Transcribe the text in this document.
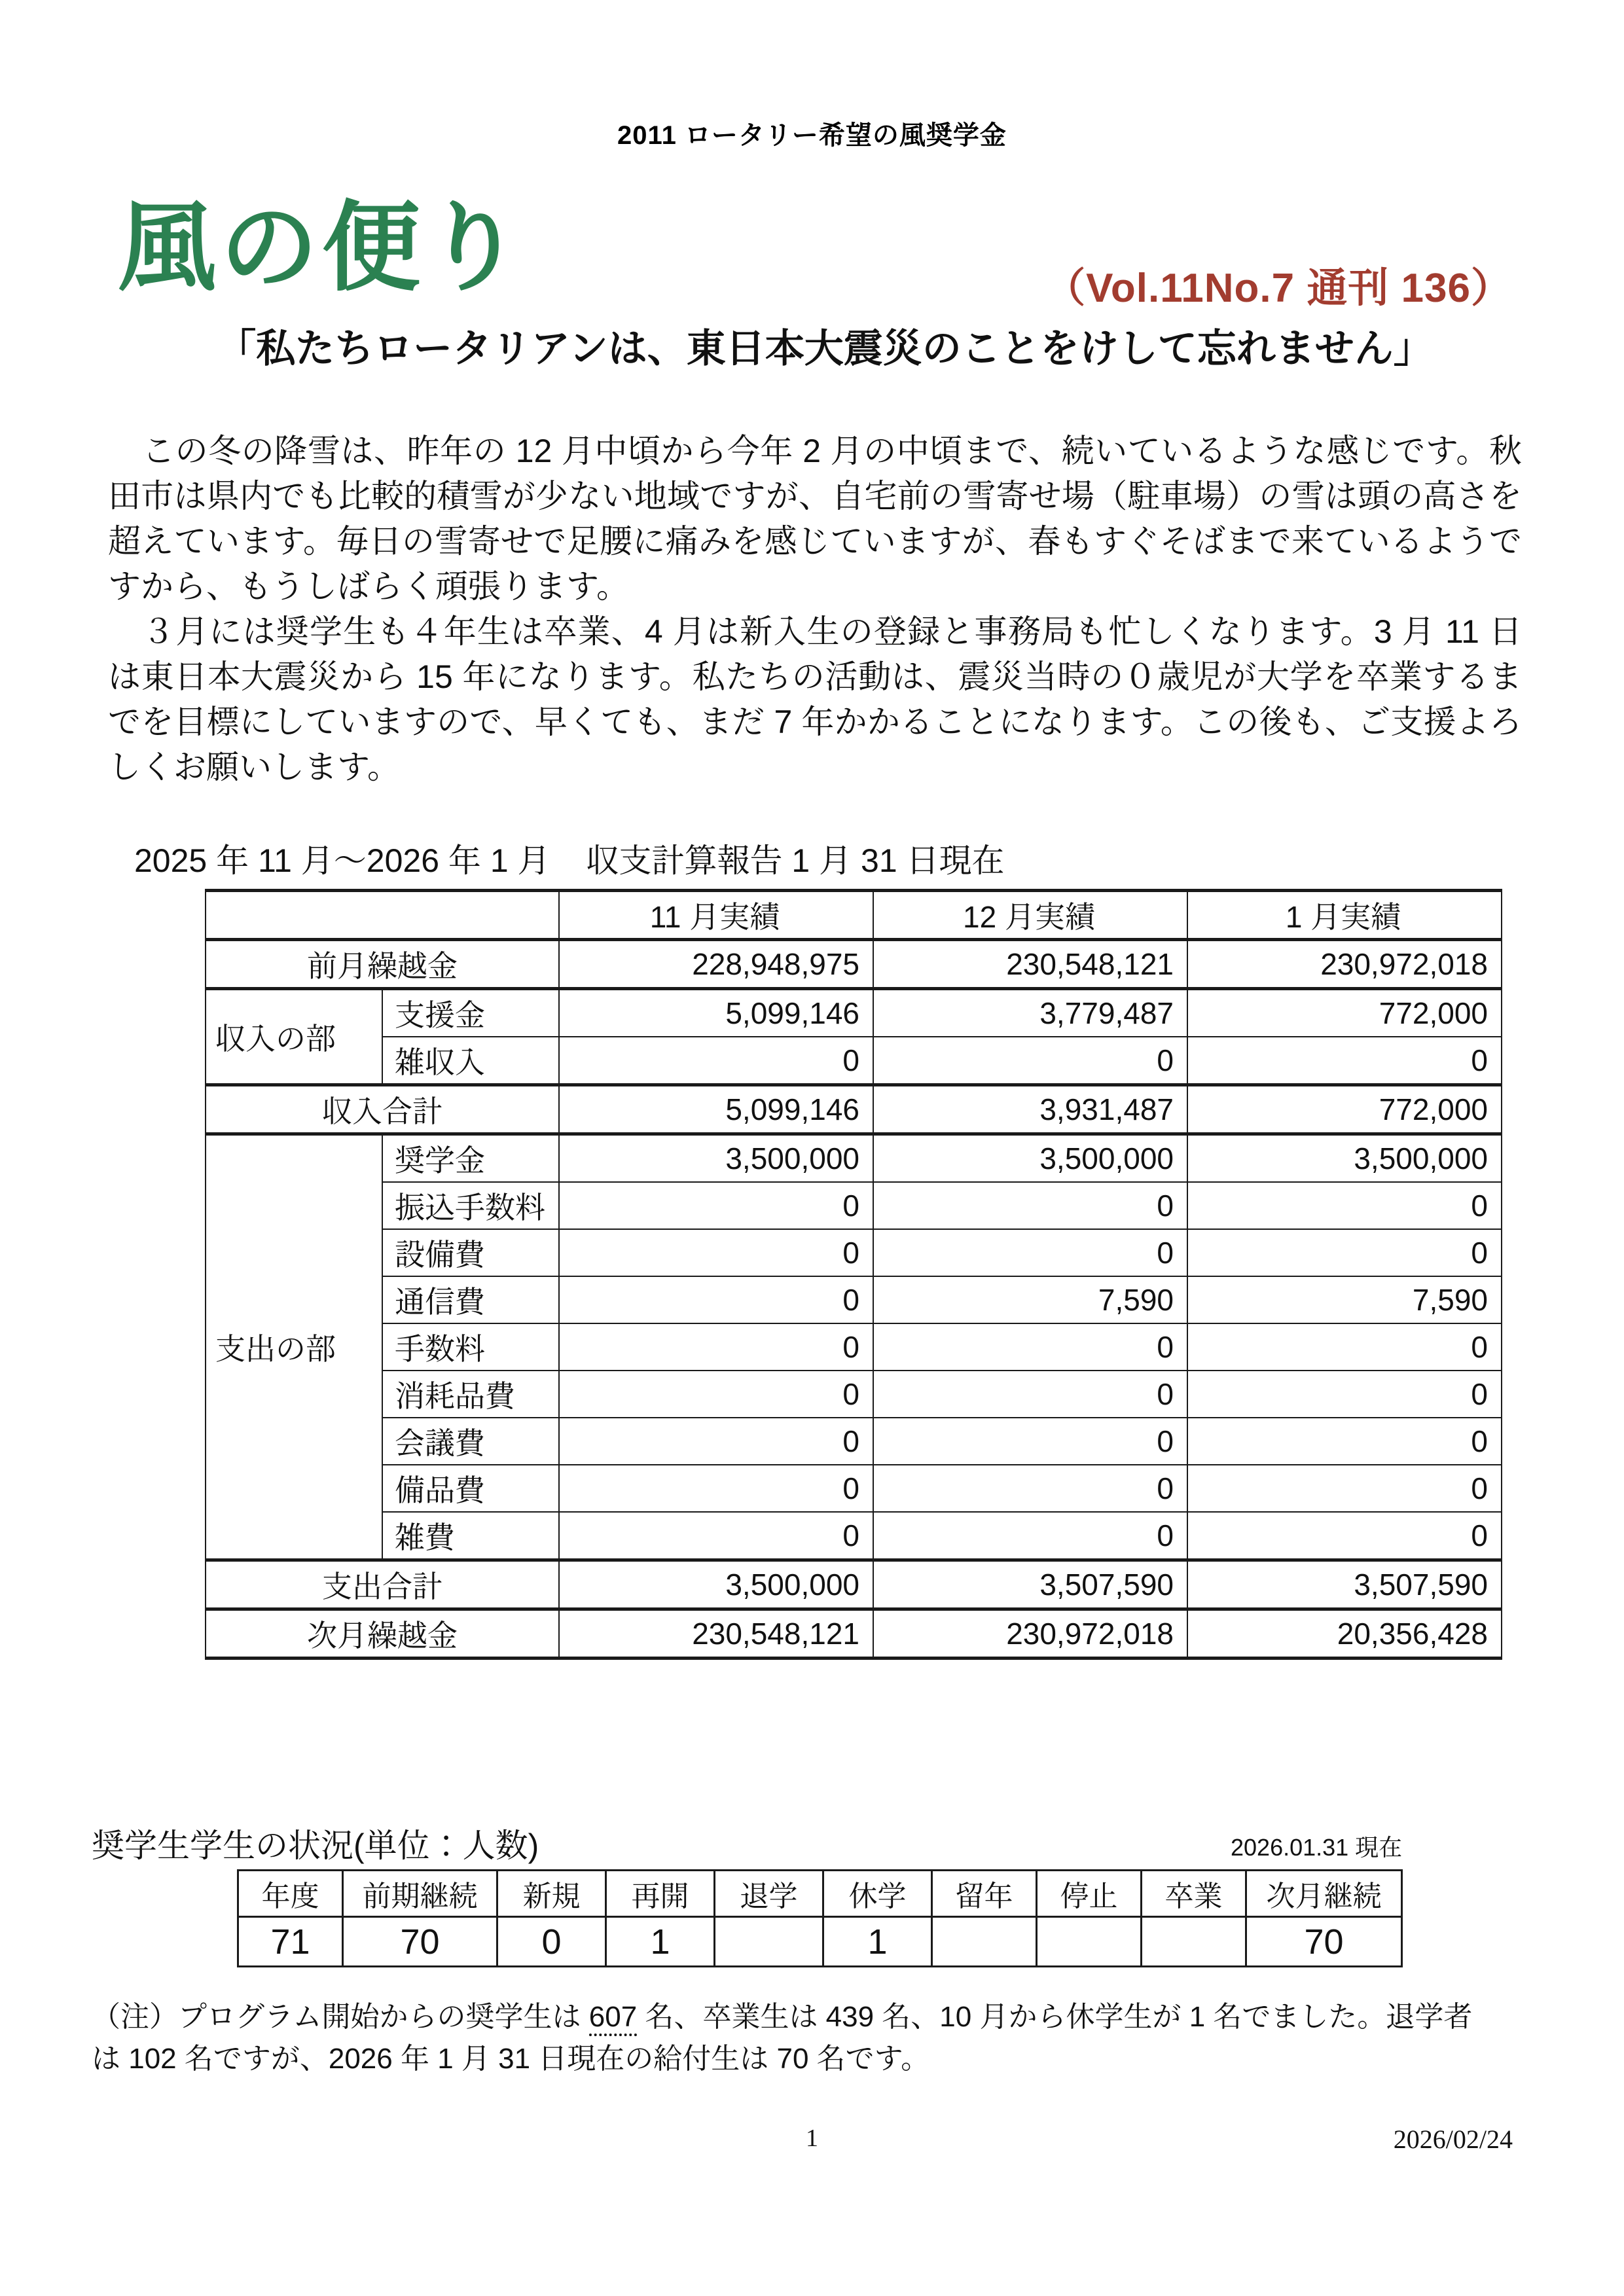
2011 ロータリー希望の風奨学金
風の便り	（Vol.11No.7 通刊 136）
「私たちロータリアンは、東日本大震災のことをけして忘れません」

この冬の降雪は、昨年の 12 月中頃から今年 2 月の中頃まで、続いているような感じです。秋田市は県内でも比較的積雪が少ない地域ですが、自宅前の雪寄せ場（駐車場）の雪は頭の高さを超えています。毎日の雪寄せで足腰に痛みを感じていますが、春もすぐそばまで来ているようですから、もうしばらく頑張ります。

３月には奨学生も４年生は卒業、4 月は新入生の登録と事務局も忙しくなります。3 月 11 日は東日本大震災から 15 年になります。私たちの活動は、震災当時の０歳児が大学を卒業するまでを目標にしていますので、早くても、まだ 7 年かかることになります。この後も、ご支援よろしくお願いします。

2025 年 11 月～2026 年 1 月 収支計算報告 1 月 31 日現在
		11 月実績	12 月実績	1 月実績
前月繰越金		228,948,975	230,548,121	230,972,018
収入の部	支援金	5,099,146	3,779,487	772,000
	雑収入	0	0	0
収入合計		5,099,146	3,931,487	772,000
支出の部	奨学金	3,500,000	3,500,000	3,500,000
	振込手数料	0	0	0
	設備費	0	0	0
	通信費	0	7,590	7,590
	手数料	0	0	0
	消耗品費	0	0	0
	会議費	0	0	0
	備品費	0	0	0
	雑費	0	0	0
支出合計		3,500,000	3,507,590	3,507,590
次月繰越金		230,548,121	230,972,018	20,356,428
奨学生学生の状況(単位：人数)	2026.01.31 現在
年度	前期継続	新規	再開	退学	休学	留年	停止	卒業	次月継続
71	70	0	1		1				70

（注）プログラム開始からの奨学生は 607 名、卒業生は 439 名、10 月から休学生が 1 名でました。退学者

は 102 名ですが、2026 年 1 月 31 日現在の給付生は 70 名です。

1	2026/02/24
